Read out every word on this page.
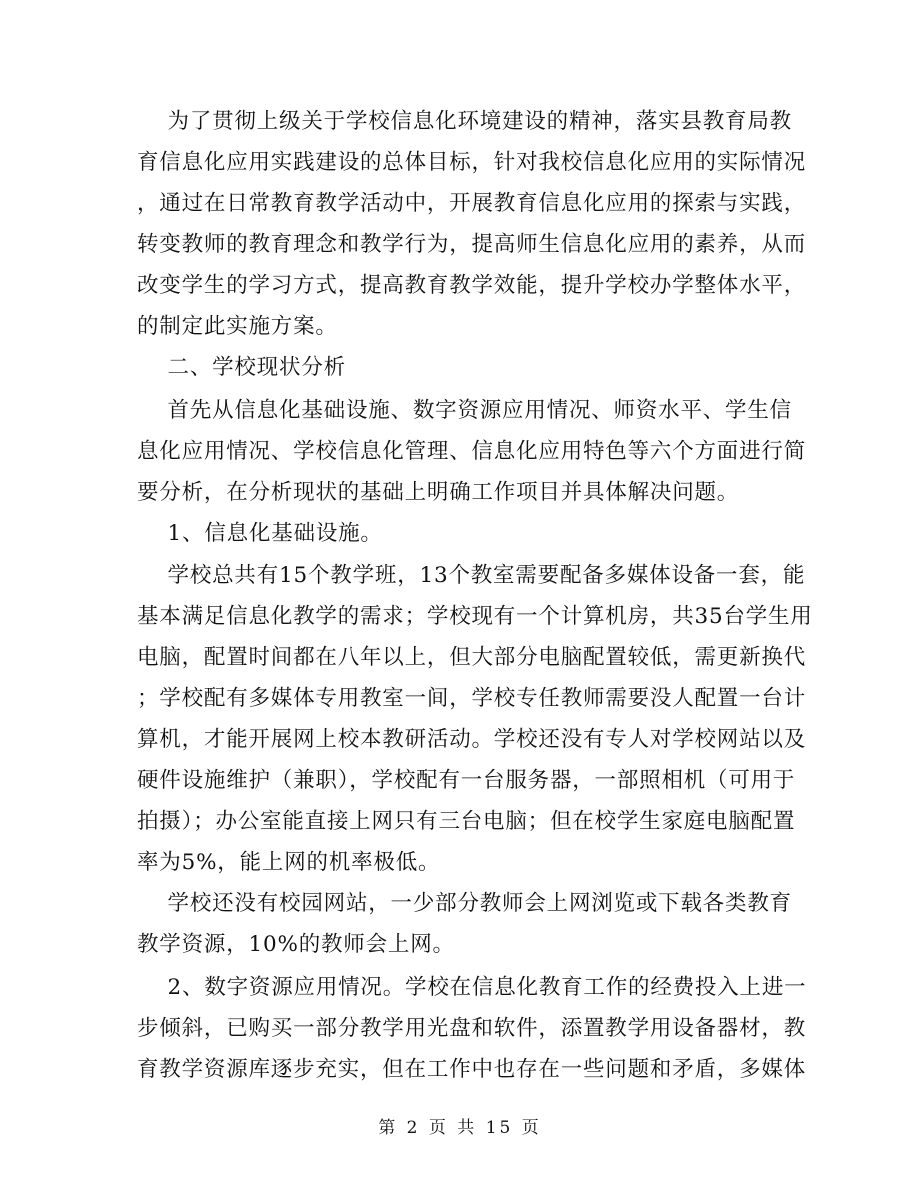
为了贯彻上级关于学校信息化环境建设的精神，落实县教育局教
育信息化应用实践建设的总体目标，针对我校信息化应用的实际情况
，通过在日常教育教学活动中，开展教育信息化应用的探索与实践，
转变教师的教育理念和教学行为，提高师生信息化应用的素养，从而
改变学生的学习方式，提高教育教学效能，提升学校办学整体水平，
的制定此实施方案。
二、学校现状分析
首先从信息化基础设施、数字资源应用情况、师资水平、学生信
息化应用情况、学校信息化管理、信息化应用特色等六个方面进行简
要分析，在分析现状的基础上明确工作项目并具体解决问题。
1、信息化基础设施。
学校总共有15个教学班，13个教室需要配备多媒体设备一套，能
基本满足信息化教学的需求；学校现有一个计算机房，共35台学生用
电脑，配置时间都在八年以上，但大部分电脑配置较低，需更新换代
；学校配有多媒体专用教室一间，学校专任教师需要没人配置一台计
算机，才能开展网上校本教研活动。学校还没有专人对学校网站以及
硬件设施维护（兼职），学校配有一台服务器，一部照相机（可用于
拍摄）；办公室能直接上网只有三台电脑；但在校学生家庭电脑配置
率为5%，能上网的机率极低。
学校还没有校园网站，一少部分教师会上网浏览或下载各类教育
教学资源，10%的教师会上网。
2、数字资源应用情况。学校在信息化教育工作的经费投入上进一
步倾斜，已购买一部分教学用光盘和软件，添置教学用设备器材，教
育教学资源库逐步充实，但在工作中也存在一些问题和矛盾，多媒体
第 2 页 共 15 页
